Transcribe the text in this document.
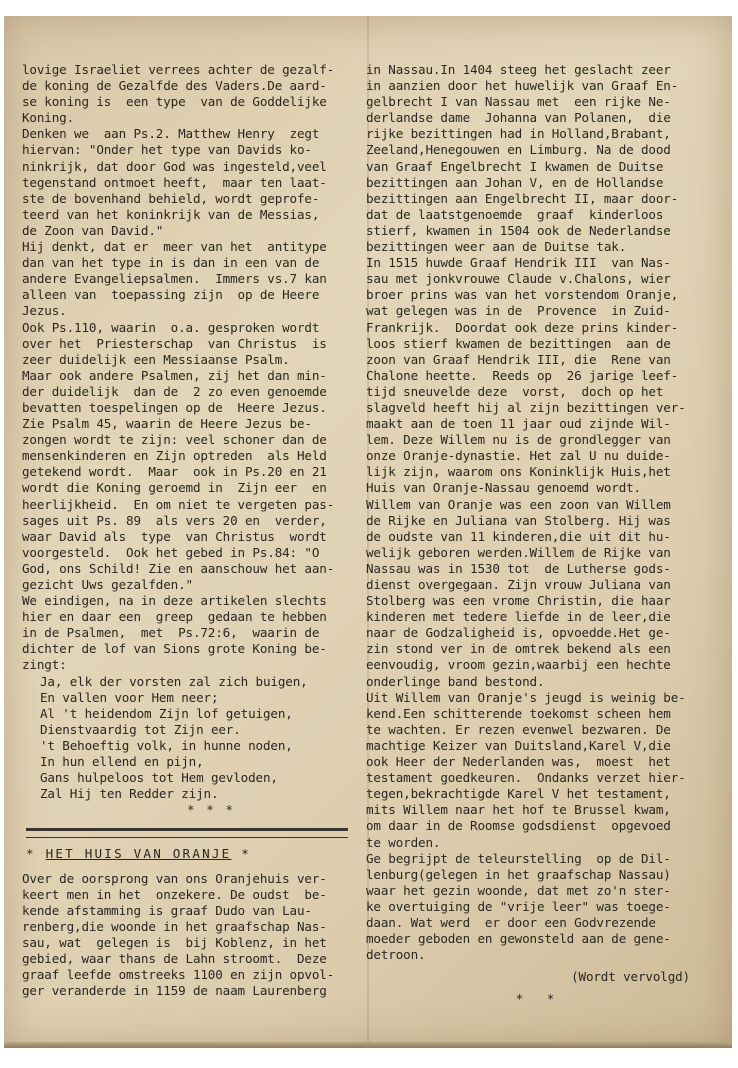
lovige Israeliet verrees achter de gezalf-
de koning de Gezalfde des Vaders.De aard-
se koning is  een type  van de Goddelijke
Koning.
Denken we  aan Ps.2. Matthew Henry  zegt
hiervan: "Onder het type van Davids ko-
ninkrijk, dat door God was ingesteld,veel
tegenstand ontmoet heeft,  maar ten laat-
ste de bovenhand behield, wordt geprofe-
teerd van het koninkrijk van de Messias,
de Zoon van David."
Hij denkt, dat er  meer van het  antitype
dan van het type in is dan in een van de
andere Evangeliepsalmen.  Immers vs.7 kan
alleen van  toepassing zijn  op de Heere
Jezus.
Ook Ps.110, waarin  o.a. gesproken wordt
over het  Priesterschap  van Christus  is
zeer duidelijk een Messiaanse Psalm.
Maar ook andere Psalmen, zij het dan min-
der duidelijk  dan de  2 zo even genoemde
bevatten toespelingen op de  Heere Jezus.
Zie Psalm 45, waarin de Heere Jezus be-
zongen wordt te zijn: veel schoner dan de
mensenkinderen en Zijn optreden  als Held
getekend wordt.  Maar  ook in Ps.20 en 21
wordt die Koning geroemd in  Zijn eer  en
heerlijkheid.  En om niet te vergeten pas-
sages uit Ps. 89  als vers 20 en  verder,
waar David als  type  van Christus  wordt
voorgesteld.  Ook het gebed in Ps.84: "O
God, ons Schild! Zie en aanschouw het aan-
gezicht Uws gezalfden."
We eindigen, na in deze artikelen slechts
hier en daar een  greep  gedaan te hebben
in de Psalmen,  met  Ps.72:6,  waarin de
dichter de lof van Sions grote Koning be-
zingt:
Ja, elk der vorsten zal zich buigen,
En vallen voor Hem neer;
Al 't heidendom Zijn lof getuigen,
Dienstvaardig tot Zijn eer.
't Behoeftig volk, in hunne noden,
In hun ellend en pijn,
Gans hulpeloos tot Hem gevloden,
Zal Hij ten Redder zijn.
* * *
* HET HUIS VAN ORANJE *
Over de oorsprong van ons Oranjehuis ver-
keert men in het  onzekere. De oudst  be-
kende afstamming is graaf Dudo van Lau-
renberg,die woonde in het graafschap Nas-
sau, wat  gelegen is  bij Koblenz, in het
gebied, waar thans de Lahn stroomt.  Deze
graaf leefde omstreeks 1100 en zijn opvol-
ger veranderde in 1159 de naam Laurenberg
in Nassau.In 1404 steeg het geslacht zeer
in aanzien door het huwelijk van Graaf En-
gelbrecht I van Nassau met  een rijke Ne-
derlandse dame  Johanna van Polanen,  die
rijke bezittingen had in Holland,Brabant,
Zeeland,Henegouwen en Limburg. Na de dood
van Graaf Engelbrecht I kwamen de Duitse
bezittingen aan Johan V, en de Hollandse
bezittingen aan Engelbrecht II, maar door-
dat de laatstgenoemde  graaf  kinderloos
stierf, kwamen in 1504 ook de Nederlandse
bezittingen weer aan de Duitse tak.
In 1515 huwde Graaf Hendrik III  van Nas-
sau met jonkvrouwe Claude v.Chalons, wier
broer prins was van het vorstendom Oranje,
wat gelegen was in de  Provence  in Zuid-
Frankrijk.  Doordat ook deze prins kinder-
loos stierf kwamen de bezittingen  aan de
zoon van Graaf Hendrik III, die  Rene van
Chalone heette.  Reeds op  26 jarige leef-
tijd sneuvelde deze  vorst,  doch op het
slagveld heeft hij al zijn bezittingen ver-
maakt aan de toen 11 jaar oud zijnde Wil-
lem. Deze Willem nu is de grondlegger van
onze Oranje-dynastie. Het zal U nu duide-
lijk zijn, waarom ons Koninklijk Huis,het
Huis van Oranje-Nassau genoemd wordt.
Willem van Oranje was een zoon van Willem
de Rijke en Juliana van Stolberg. Hij was
de oudste van 11 kinderen,die uit dit hu-
welijk geboren werden.Willem de Rijke van
Nassau was in 1530 tot  de Lutherse gods-
dienst overgegaan. Zijn vrouw Juliana van
Stolberg was een vrome Christin, die haar
kinderen met tedere liefde in de leer,die
naar de Godzaligheid is, opvoedde.Het ge-
zin stond ver in de omtrek bekend als een
eenvoudig, vroom gezin,waarbij een hechte
onderlinge band bestond.
Uit Willem van Oranje's jeugd is weinig be-
kend.Een schitterende toekomst scheen hem
te wachten. Er rezen evenwel bezwaren. De
machtige Keizer van Duitsland,Karel V,die
ook Heer der Nederlanden was,  moest  het
testament goedkeuren.  Ondanks verzet hier-
tegen,bekrachtigde Karel V het testament,
mits Willem naar het hof te Brussel kwam,
om daar in de Roomse godsdienst  opgevoed
te worden.
Ge begrijpt de teleurstelling  op de Dil-
lenburg(gelegen in het graafschap Nassau)
waar het gezin woonde, dat met zo'n ster-
ke overtuiging de "vrije leer" was toege-
daan. Wat werd  er door een Godvrezende
moeder geboden en gewonsteld aan de gene-
detroon.
(Wordt vervolgd)
* *
